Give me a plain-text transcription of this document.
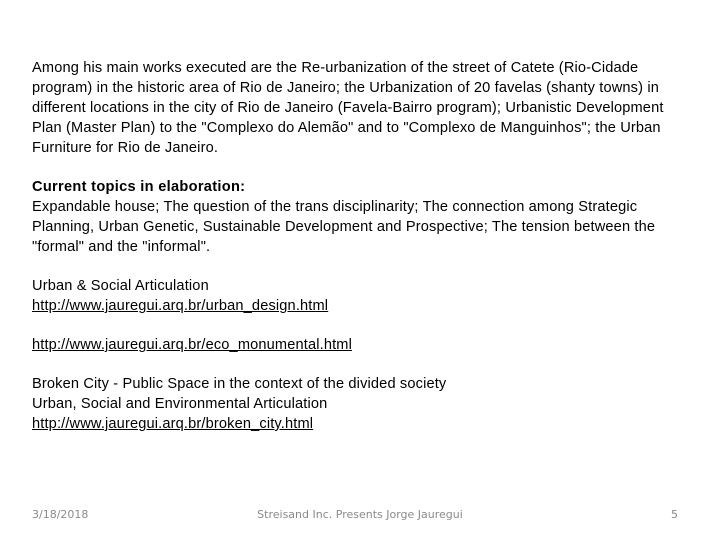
Among his main works executed are the Re-urbanization of the street of Catete (Rio-Cidade program) in the historic area of Rio de Janeiro; the Urbanization of 20 favelas (shanty towns) in different locations in the city of Rio de Janeiro (Favela-Bairro program); Urbanistic Development Plan (Master Plan) to the "Complexo do Alemão" and to "Complexo de Manguinhos"; the Urban Furniture for Rio de Janeiro.

Current topics in elaboration:

Expandable house; The question of the trans disciplinarity; The connection among Strategic Planning, Urban Genetic, Sustainable Development and Prospective; The tension between the "formal" and the "informal".

Urban & Social Articulation
http://www.jauregui.arq.br/urban_design.html
http://www.jauregui.arq.br/eco_monumental.html
Broken City - Public Space in the context of the divided society
Urban, Social and Environmental Articulation
http://www.jauregui.arq.br/broken_city.html
3/18/2018	Streisand Inc. Presents Jorge Jauregui	5
